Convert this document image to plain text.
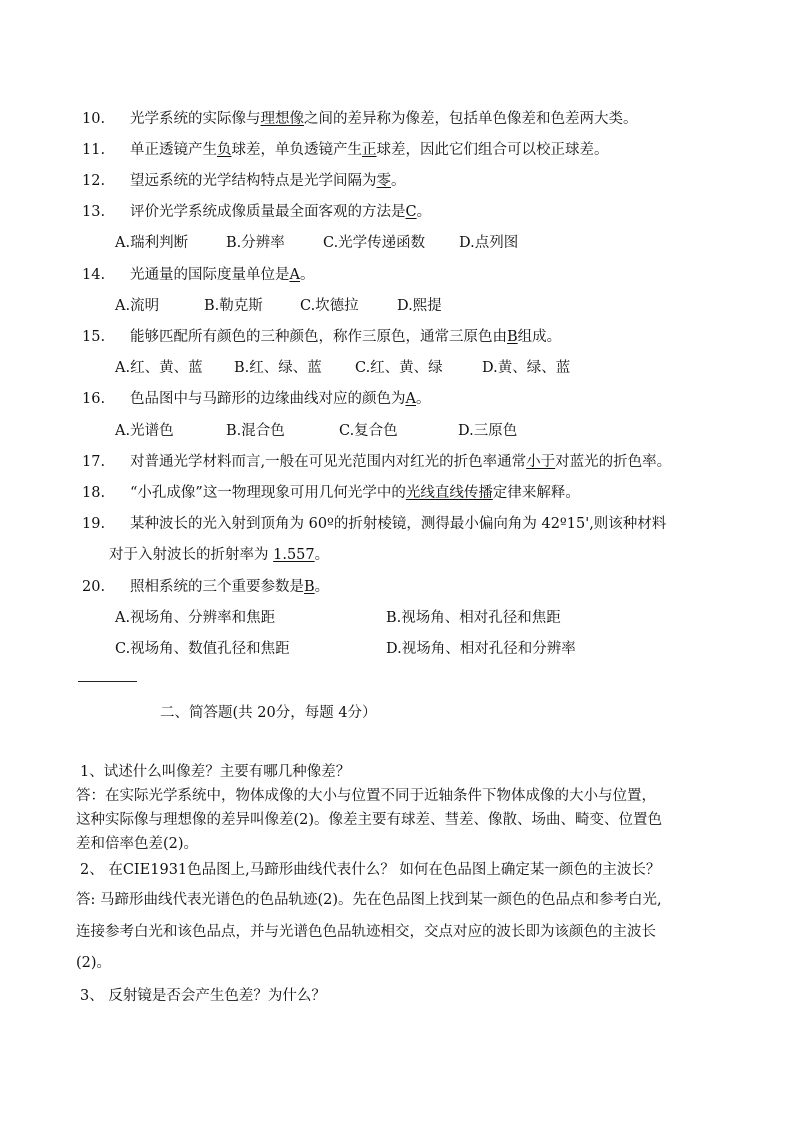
10. 光学系统的实际像与理想像之间的差异称为像差，包括单色像差和色差两大类。
11. 单正透镜产生负球差，单负透镜产生正球差，因此它们组合可以校正球差。
12. 望远系统的光学结构特点是光学间隔为零。
13. 评价光学系统成像质量最全面客观的方法是C。
A.瑞利判断	B.分辨率	C.光学传递函数 D.点列图
14. 光通量的国际度量单位是A。
A.流明	B.勒克斯	C.坎德拉	D.熙提
15. 能够匹配所有颜色的三种颜色，称作三原色，通常三原色由B组成。
A.红、黄、蓝 B.红、绿、蓝 C.红、黄、绿	D.黄、绿、蓝
16. 色品图中与马蹄形的边缘曲线对应的颜色为A。
A.光谱色	B.混合色	C.复合色	D.三原色
17. 对普通光学材料而言,一般在可见光范围内对红光的折色率通常小于对蓝光的折色率。
18. “小孔成像”这一物理现象可用几何光学中的光线直线传播定律来解释。
19. 某种波长的光入射到顶角为 60º的折射棱镜，测得最小偏向角为 42º15',则该种材料
对于入射波长的折射率为 1.557。
20. 照相系统的三个重要参数是B。
A.视场角、分辨率和焦距	B.视场角、相对孔径和焦距
C.视场角、数值孔径和焦距	D.视场角、相对孔径和分辨率
二、简答题(共 20分，每题 4分）
1、试述什么叫像差？主要有哪几种像差？
答：在实际光学系统中，物体成像的大小与位置不同于近轴条件下物体成像的大小与位置，
这种实际像与理想像的差异叫像差(2)。像差主要有球差、彗差、像散、场曲、畸变、位置色
差和倍率色差(2)。
2、 在CIE1931色品图上,马蹄形曲线代表什么？ 如何在色品图上确定某一颜色的主波长？
答: 马蹄形曲线代表光谱色的色品轨迹(2)。先在色品图上找到某一颜色的色品点和参考白光,
连接参考白光和该色品点，并与光谱色色品轨迹相交，交点对应的波长即为该颜色的主波长
(2)。
3、 反射镜是否会产生色差？为什么？
